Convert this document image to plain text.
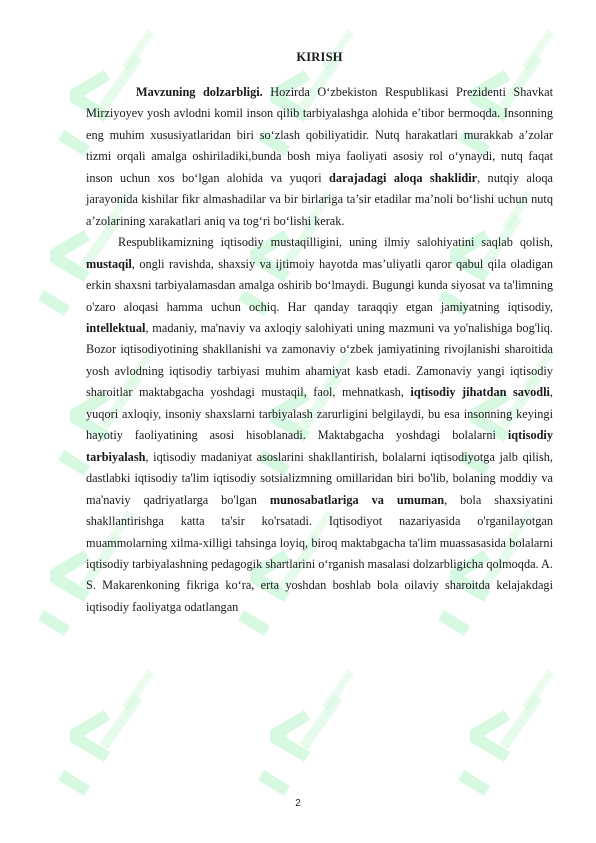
KIRISH

Mavzuning dolzarbligi. Hozirda O‘zbekiston Respublikasi Prezidenti Shavkat Mirziyoyev yosh avlodni komil inson qilib tarbiyalashga alohida e’tibor bermoqda. Insonning eng muhim xususiyatlaridan biri so‘zlash qobiliyatidir. Nutq harakatlari murakkab a’zolar tizmi orqali amalga oshiriladiki,bunda bosh miya faoliyati asosiy rol o‘ynaydi, nutq faqat inson uchun xos bo‘lgan alohida va yuqori darajadagi aloqa shaklidir, nutqiy aloqa jarayonida kishilar fikr almashadilar va bir birlariga ta’sir etadilar ma’noli bo‘lishi uchun nutq a’zolarining xarakatlari aniq va tog‘ri bo‘lishi kerak.

Respublikamizning iqtisodiy mustaqilligini, uning ilmiy salohiyatini saqlab qolish, mustaqil, ongli ravishda, shaxsiy va ijtimoiy hayotda mas’uliyatli qaror qabul qila oladigan erkin shaxsni tarbiyalamasdan amalga oshirib bo‘lmaydi. Bugungi kunda siyosat va ta'limning o'zaro aloqasi hamma uchun ochiq. Har qanday taraqqiy etgan jamiyatning iqtisodiy, intellektual, madaniy, ma'naviy va axloqiy salohiyati uning mazmuni va yo'nalishiga bog'liq. Bozor iqtisodiyotining shakllanishi va zamonaviy o‘zbek jamiyatining rivojlanishi sharoitida yosh avlodning iqtisodiy tarbiyasi muhim ahamiyat kasb etadi. Zamonaviy yangi iqtisodiy sharoitlar maktabgacha yoshdagi mustaqil, faol, mehnatkash, iqtisodiy jihatdan savodli, yuqori axloqiy, insoniy shaxslarni tarbiyalash zarurligini belgilaydi, bu esa insonning keyingi hayotiy faoliyatining asosi hisoblanadi. Maktabgacha yoshdagi bolalarni iqtisodiy tarbiyalash, iqtisodiy madaniyat asoslarini shakllantirish, bolalarni iqtisodiyotga jalb qilish, dastlabki iqtisodiy ta'lim iqtisodiy sotsializmning omillaridan biri bo'lib, bolaning moddiy va ma'naviy qadriyatlarga bo'lgan munosabatlariga va umuman, bola shaxsiyatini shakllantirishga katta ta'sir ko'rsatadi. Iqtisodiyot nazariyasida o'rganilayotgan muammolarning xilma-xilligi tahsinga loyiq, biroq maktabgacha ta'lim muassasasida bolalarni iqtisodiy tarbiyalashning pedagogik shartlarini o‘rganish masalasi dolzarbligicha qolmoqda. A. S. Makarenkoning fikriga ko‘ra, erta yoshdan boshlab bola oilaviy sharoitda kelajakdagi iqtisodiy faoliyatga odatlangan

2
